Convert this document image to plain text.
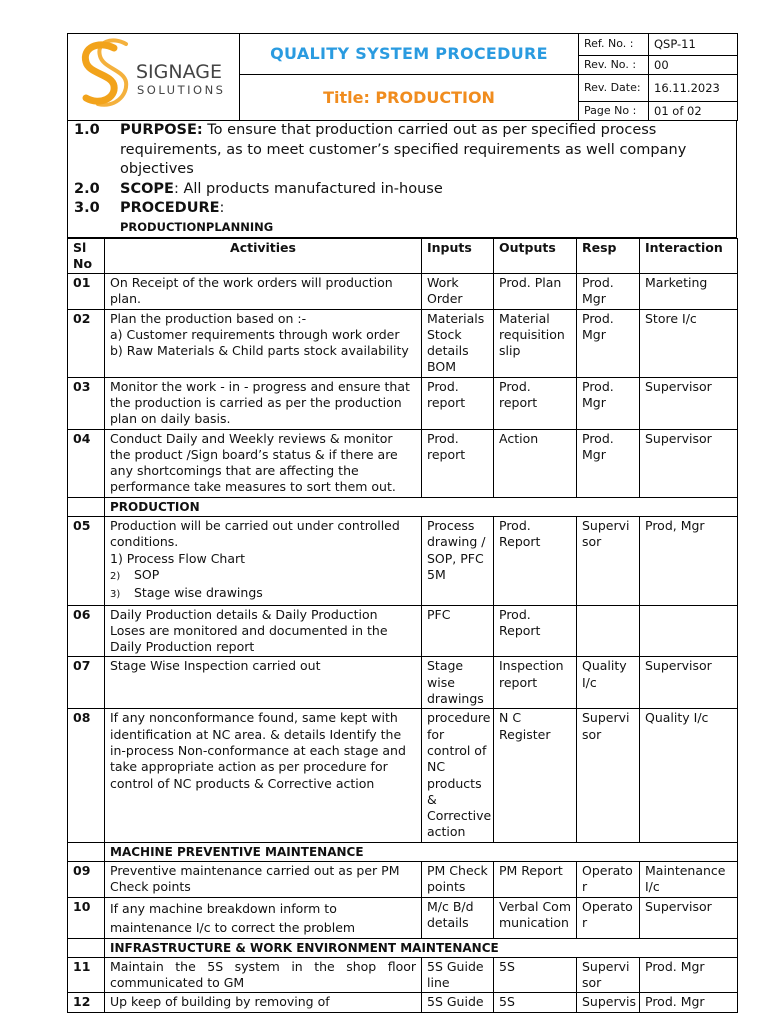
SIGNAGE
SOLUTIONS	QUALITY SYSTEM PROCEDURE	Ref. No. :	QSP-11
		Rev. No. :	00
	Title: PRODUCTION	Rev. Date:	16.11.2023
		Page No :	01 of 02
1.0	PURPOSE: To ensure that production carried out as per specified process requirements, as to meet customer’s specified requirements as well company objectives
2.0	SCOPE: All products manufactured in-house
3.0	PROCEDURE:
PRODUCTIONPLANNING
Sl No	Activities	Inputs	Outputs	Resp	Interaction
01	On Receipt of the work orders will production plan.	Work Order	Prod. Plan	Prod. Mgr	Marketing
02	Plan the production based on :-
a) Customer requirements through work order
b) Raw Materials & Child parts stock availability	Materials Stock details BOM	Material requisition slip	Prod. Mgr	Store I/c
03	Monitor the work - in - progress and ensure that the production is carried as per the production plan on daily basis.	Prod. report	Prod. report	Prod. Mgr	Supervisor
04	Conduct Daily and Weekly reviews & monitor the product /Sign board’s status & if there are any shortcomings that are affecting the performance take measures to sort them out.	Prod. report	Action	Prod. Mgr	Supervisor
	PRODUCTION				
05	Production will be carried out under controlled conditions.
1) Process Flow Chart
2) SOP
3) Stage wise drawings	Process drawing / SOP, PFC 5M	Prod. Report	Supervisor	Prod, Mgr
06	Daily Production details & Daily Production Loses are monitored and documented in the Daily Production report	PFC	Prod. Report		
07	Stage Wise Inspection carried out	Stage wise drawings	Inspection report	Quality I/c	Supervisor
08	If any nonconformance found, same kept with identification at NC area. & details Identify the in-process Non-conformance at each stage and take appropriate action as per procedure for control of NC products & Corrective action	procedure for control of NC products & Corrective action	N C Register	Supervisor	Quality I/c
	MACHINE PREVENTIVE MAINTENANCE				
09	Preventive maintenance carried out as per PM Check points	PM Check points	PM Report	Operator	Maintenance I/c
10	If any machine breakdown inform to maintenance I/c to correct the problem	M/c B/d details	Verbal Communication	Operator	Supervisor
	INFRASTRUCTURE & WORK ENVIRONMENT MAINTENANCE				
11	Maintain the 5S system in the shop floor communicated to GM	5S Guide line	5S	Supervisor	Prod. Mgr
12	Up keep of building by removing of	5S Guide	5S	Supervis	Prod. Mgr
